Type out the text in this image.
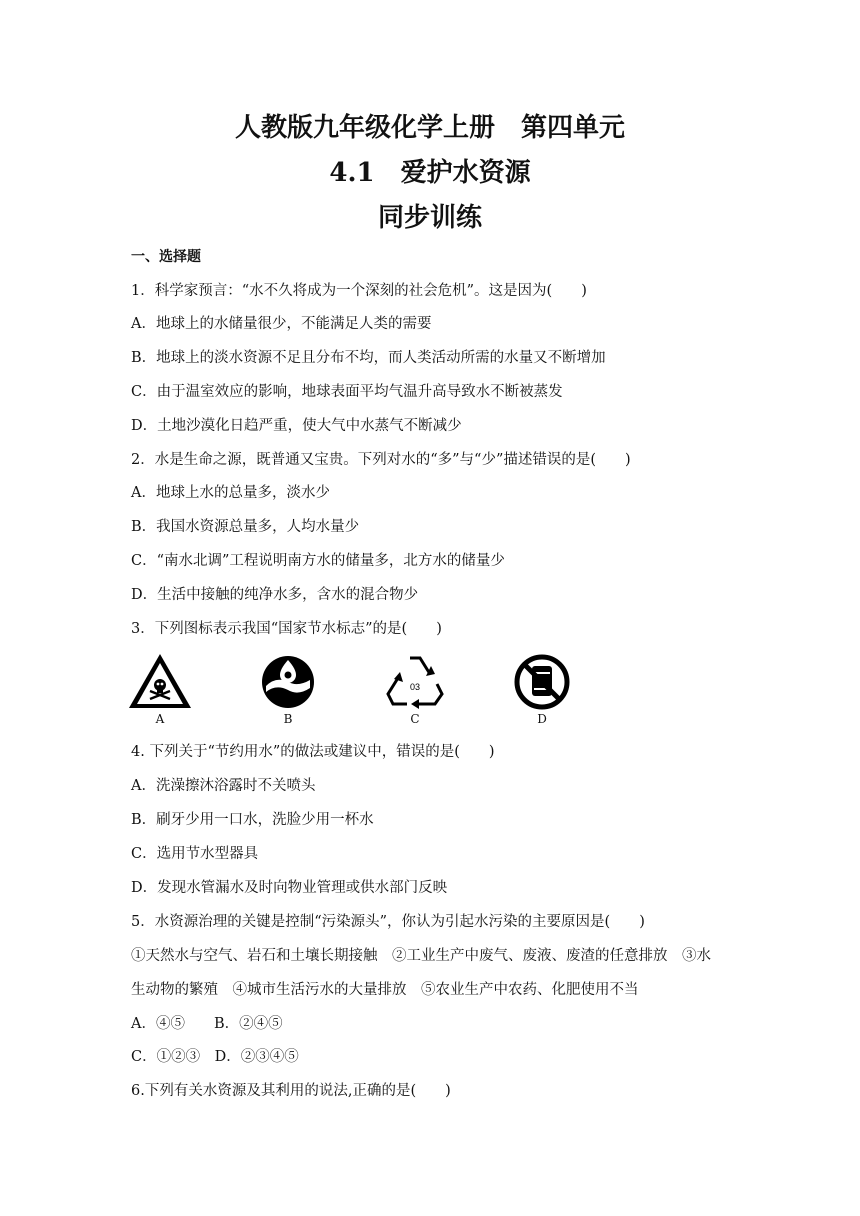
人教版九年级化学上册　第四单元
4.1　爱护水资源
同步训练
一、选择题
1．科学家预言：“水不久将成为一个深刻的社会危机”。这是因为(　　)
A．地球上的水储量很少，不能满足人类的需要
B．地球上的淡水资源不足且分布不均，而人类活动所需的水量又不断增加
C．由于温室效应的影响，地球表面平均气温升高导致水不断被蒸发
D．土地沙漠化日趋严重，使大气中水蒸气不断减少
2．水是生命之源，既普通又宝贵。下列对水的“多”与“少”描述错误的是(　　)
A．地球上水的总量多，淡水少
B．我国水资源总量多，人均水量少
C．“南水北调”工程说明南方水的储量多，北方水的储量少
D．生活中接触的纯净水多，含水的混合物少
3．下列图标表示我国“国家节水标志”的是(　　)
A	B
03
C	D
4. 下列关于“节约用水”的做法或建议中，错误的是(　　)
A．洗澡擦沐浴露时不关喷头
B．刷牙少用一口水，洗脸少用一杯水
C．选用节水型器具
D．发现水管漏水及时向物业管理或供水部门反映
5．水资源治理的关键是控制“污染源头”，你认为引起水污染的主要原因是(　　)
①天然水与空气、岩石和土壤长期接触　②工业生产中废气、废液、废渣的任意排放　③水
生动物的繁殖　④城市生活污水的大量排放　⑤农业生产中农药、化肥使用不当
A．④⑤　　B．②④⑤
C．①②③　D．②③④⑤
6.下列有关水资源及其利用的说法,正确的是(　　)
